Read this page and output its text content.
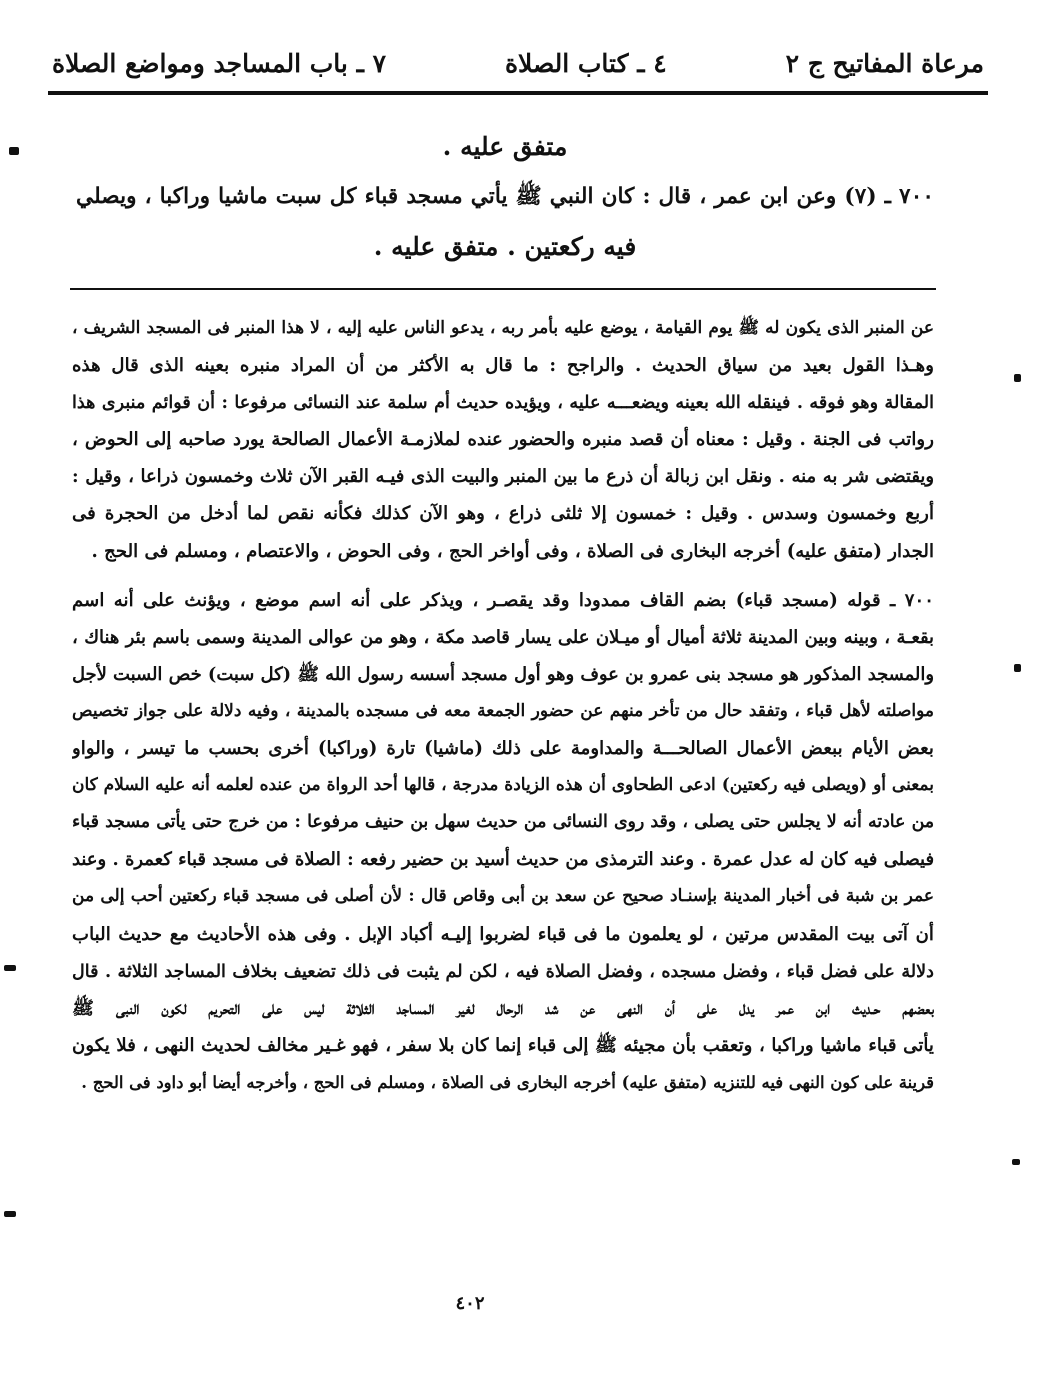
مرعاة المفاتيح ج ٢
٤ ـ كتاب الصلاة
٧ ـ باب المساجد ومواضع الصلاة
متفق عليه .
٧٠٠ ـ (٧) وعن ابن عمر ، قال : كان النبي ﷺ يأتي مسجد قباء كل سبت ماشيا وراكبا ، ويصلي
فيه ركعتين . متفق عليه .
عن المنبر الذى يكون له ﷺ يوم القيامة ، يوضع عليه بأمر ربه ، يدعو الناس عليه إليه ، لا هذا المنبر فى المسجد الشريف ،
وهـذا القول بعيد من سياق الحديث . والراجح : ما قال به الأكثر من أن المراد منبره بعينه الذى قال هذه
المقالة وهو فوقه . فينقله الله بعينه ويضعـــه عليه ، ويؤيده حديث أم سلمة عند النسائى مرفوعا : أن قوائم منبرى هذا
رواتب فى الجنة . وقيل : معناه أن قصد منبره والحضور عنده لملازمـة الأعمال الصالحة يورد صاحبه إلى الحوض ،
ويقتضى شر به منه . ونقل ابن زبالة أن ذرع ما بين المنبر والبيت الذى فيـه القبر الآن ثلاث وخمسون ذراعا ، وقيل :
أربع وخمسون وسدس . وقيل : خمسون إلا ثلثى ذراع ، وهو الآن كذلك فكأنه نقص لما أدخل من الحجرة فى
الجدار (متفق عليه) أخرجه البخارى فى الصلاة ، وفى أواخر الحج ، وفى الحوض ، والاعتصام ، ومسلم فى الحج .
٧٠٠ ـ قوله (مسجد قباء) بضم القاف ممدودا وقد يقصـر ، ويذكر على أنه اسم موضع ، ويؤنث على أنه اسم
بقعـة ، وبينه وبين المدينة ثلاثة أميال أو ميـلان على يسار قاصد مكة ، وهو من عوالى المدينة وسمى باسم بئر هناك ،
والمسجد المذكور هو مسجد بنى عمرو بن عوف وهو أول مسجد أسسه رسول الله ﷺ (كل سبت) خص السبت لأجل
مواصلته لأهل قباء ، وتفقد حال من تأخر منهم عن حضور الجمعة معه فى مسجده بالمدينة ، وفيه دلالة على جواز تخصيص
بعض الأيام ببعض الأعمال الصالحـــة والمداومة على ذلك (ماشيا) تارة (وراكبا) أخرى بحسب ما تيسر ، والواو
بمعنى أو (ويصلى فيه ركعتين) ادعى الطحاوى أن هذه الزيادة مدرجة ، قالها أحد الرواة من عنده لعلمه أنه عليه السلام كان
من عادته أنه لا يجلس حتى يصلى ، وقد روى النسائى من حديث سهل بن حنيف مرفوعا : من خرج حتى يأتى مسجد قباء
فيصلى فيه كان له عدل عمرة . وعند الترمذى من حديث أسيد بن حضير رفعه : الصلاة فى مسجد قباء كعمرة . وعند
عمر بن شبة فى أخبار المدينة بإسنـاد صحيح عن سعد بن أبى وقاص قال : لأن أصلى فى مسجد قباء ركعتين أحب إلى من
أن آتى بيت المقدس مرتين ، لو يعلمون ما فى قباء لضربوا إليـه أكباد الإبل . وفى هذه الأحاديث مع حديث الباب
دلالة على فضل قباء ، وفضل مسجده ، وفضل الصلاة فيه ، لكن لم يثبت فى ذلك تضعيف بخلاف المساجد الثلاثة . قال
بعضهم حـديث ابن عمر يدل على أن النهى عن شد الرحال لغير المساجد الثلاثة ليس على التحريم لكون النبى ﷺ
يأتى قباء ماشيا وراكبا ، وتعقب بأن مجيئه ﷺ إلى قباء إنما كان بلا سفر ، فهو غـير مخالف لحديث النهى ، فلا يكون
قرينة على كون النهى فيه للتنزيه (متفق عليه) أخرجه البخارى فى الصلاة ، ومسلم فى الحج ، وأخرجه أيضا أبو داود فى الحج .
٤٠٢
